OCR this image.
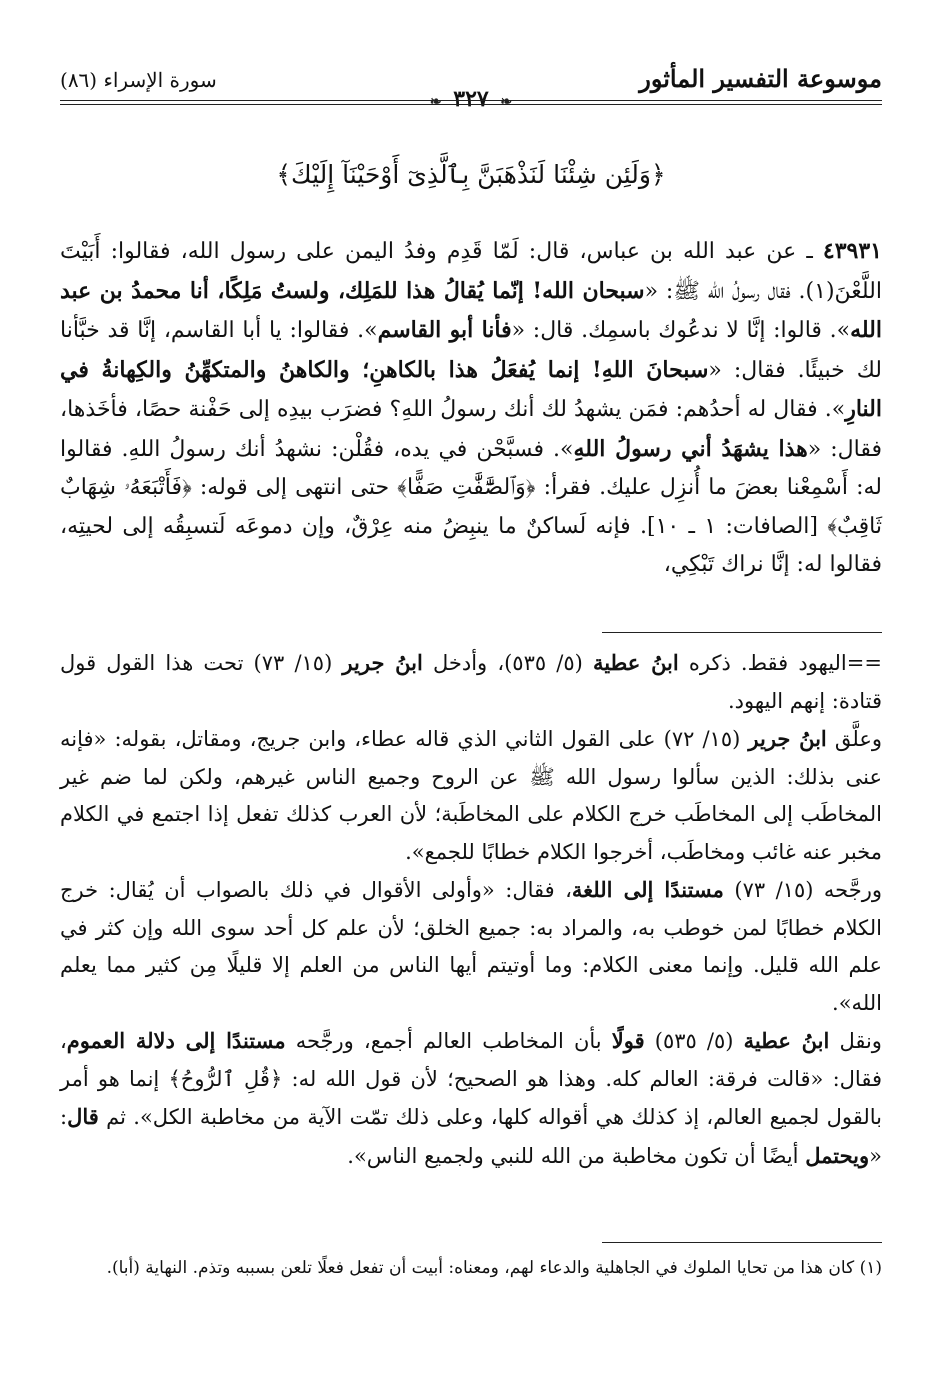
موسوعة التفسير المأثور
❧ ٣٢٧ ❧
سورة الإسراء (٨٦)
﴿وَلَئِن شِئْنَا لَنَذْهَبَنَّ بِٱلَّذِىٓ أَوْحَيْنَآ إِلَيْكَ﴾

٤٣٩٣١ ـ عن عبد الله بن عباس، قال: لَمّا قَدِم وفدُ اليمن على رسول الله، فقالوا: أَبَيْتَ اللَّعْنَ(١). فقال رسولُ الله ﷺ: «سبحان الله! إنّما يُقالُ هذا للمَلِك، ولستُ مَلِكًا، أنا محمدُ بن عبد الله». قالوا: إنَّا لا ندعُوك باسمِك. قال: «فأنا أبو القاسم». فقالوا: يا أبا القاسم، إنَّا قد خبَّأنا لك خبيئًا. فقال: «سبحانَ اللهِ! إنما يُفعَلُ هذا بالكاهنِ؛ والكاهنُ والمتكهِّنُ والكِهانةُ في النارِ». فقال له أحدُهم: فمَن يشهدُ لك أنك رسولُ اللهِ؟ فضرَب بيدِه إلى حَفْنة حصًا، فأخَذها، فقال: «هذا يشهَدُ أني رسولُ اللهِ». فسبَّحْن في يده، فقُلْن: نشهدُ أنك رسولُ اللهِ. فقالوا له: أَسْمِعْنا بعضَ ما أُنزِل عليك. فقرأ: ﴿وَٱلصَّٰٓفَّٰتِ صَفًّا﴾ حتى انتهى إلى قوله: ﴿فَأَتْبَعَهُۥ شِهَابٌ ثَاقِبٌ﴾ [الصافات: ١ ـ ١٠]. فإنه لَساكنٌ ما ينبِضُ منه عِرْقٌ، وإن دموعَه لَتسبِقُه إلى لحيتِه، فقالوا له: إنَّا نراك تَبْكِي،

==اليهود فقط. ذكره ابنُ عطية (٥/ ٥٣٥)، وأدخل ابنُ جرير (١٥/ ٧٣) تحت هذا القول قول قتادة: إنهم اليهود.

وعلَّق ابنُ جرير (١٥/ ٧٢) على القول الثاني الذي قاله عطاء، وابن جريج، ومقاتل، بقوله: «فإنه عنى بذلك: الذين سألوا رسول الله ﷺ عن الروح وجميع الناس غيرهم، ولكن لما ضم غير المخاطَب إلى المخاطَب خرج الكلام على المخاطَبة؛ لأن العرب كذلك تفعل إذا اجتمع في الكلام مخبر عنه غائب ومخاطَب، أخرجوا الكلام خطابًا للجمع».

ورجَّحه (١٥/ ٧٣) مستندًا إلى اللغة، فقال: «وأولى الأقوال في ذلك بالصواب أن يُقال: خرج الكلام خطابًا لمن خوطب به، والمراد به: جميع الخلق؛ لأن علم كل أحد سوى الله وإن كثر في علم الله قليل. وإنما معنى الكلام: وما أوتيتم أيها الناس من العلم إلا قليلًا مِن كثير مما يعلم الله».

ونقل ابنُ عطية (٥/ ٥٣٥) قولًا بأن المخاطب العالم أجمع، ورجَّحه مستندًا إلى دلالة العموم، فقال: «قالت فرقة: العالم كله. وهذا هو الصحيح؛ لأن قول الله له: ﴿قُلِ ٱلرُّوحُ﴾ إنما هو أمر بالقول لجميع العالم، إذ كذلك هي أقواله كلها، وعلى ذلك تمّت الآية من مخاطبة الكل». ثم قال: «ويحتمل أيضًا أن تكون مخاطبة من الله للنبي ولجميع الناس».

(١) كان هذا من تحايا الملوك في الجاهلية والدعاء لهم، ومعناه: أبيت أن تفعل فعلًا تلعن بسببه وتذم. النهاية (أبا).
